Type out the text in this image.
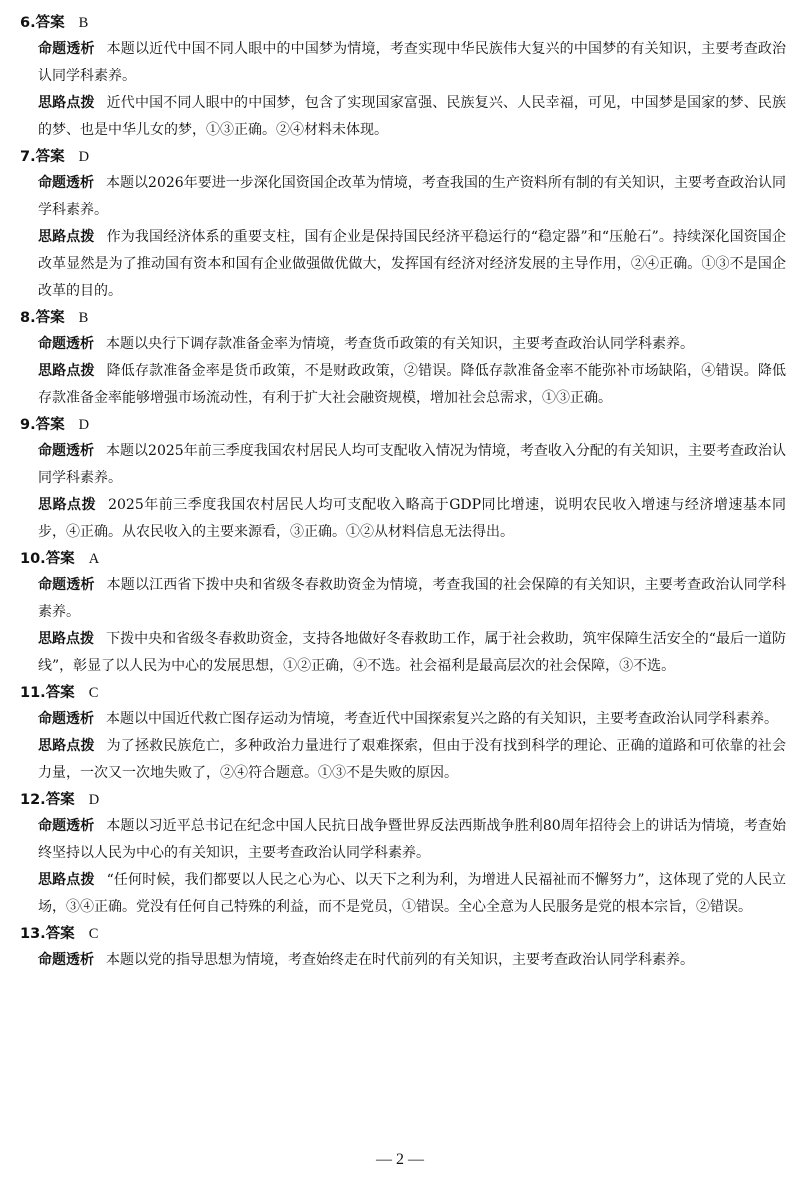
6.答案 B

命题透析 本题以近代中国不同人眼中的中国梦为情境，考查实现中华民族伟大复兴的中国梦的有关知识，主要考查政治认同学科素养。

思路点拨 近代中国不同人眼中的中国梦，包含了实现国家富强、民族复兴、人民幸福，可见，中国梦是国家的梦、民族的梦、也是中华儿女的梦，①③正确。②④材料未体现。

7.答案 D

命题透析 本题以2026年要进一步深化国资国企改革为情境，考查我国的生产资料所有制的有关知识，主要考查政治认同学科素养。

思路点拨 作为我国经济体系的重要支柱，国有企业是保持国民经济平稳运行的“稳定器”和“压舱石”。持续深化国资国企改革显然是为了推动国有资本和国有企业做强做优做大，发挥国有经济对经济发展的主导作用，②④正确。①③不是国企改革的目的。

8.答案 B

命题透析 本题以央行下调存款准备金率为情境，考查货币政策的有关知识，主要考查政治认同学科素养。

思路点拨 降低存款准备金率是货币政策，不是财政政策，②错误。降低存款准备金率不能弥补市场缺陷，④错误。降低存款准备金率能够增强市场流动性，有利于扩大社会融资规模，增加社会总需求，①③正确。

9.答案 D

命题透析 本题以2025年前三季度我国农村居民人均可支配收入情况为情境，考查收入分配的有关知识，主要考查政治认同学科素养。

思路点拨 2025年前三季度我国农村居民人均可支配收入略高于GDP同比增速，说明农民收入增速与经济增速基本同步，④正确。从农民收入的主要来源看，③正确。①②从材料信息无法得出。

10.答案 A

命题透析 本题以江西省下拨中央和省级冬春救助资金为情境，考查我国的社会保障的有关知识，主要考查政治认同学科素养。

思路点拨 下拨中央和省级冬春救助资金，支持各地做好冬春救助工作，属于社会救助，筑牢保障生活安全的“最后一道防线”，彰显了以人民为中心的发展思想，①②正确，④不选。社会福利是最高层次的社会保障，③不选。

11.答案 C

命题透析 本题以中国近代救亡图存运动为情境，考查近代中国探索复兴之路的有关知识，主要考查政治认同学科素养。

思路点拨 为了拯救民族危亡，多种政治力量进行了艰难探索，但由于没有找到科学的理论、正确的道路和可依靠的社会力量，一次又一次地失败了，②④符合题意。①③不是失败的原因。

12.答案 D

命题透析 本题以习近平总书记在纪念中国人民抗日战争暨世界反法西斯战争胜利80周年招待会上的讲话为情境，考查始终坚持以人民为中心的有关知识，主要考查政治认同学科素养。

思路点拨 “任何时候，我们都要以人民之心为心、以天下之利为利，为增进人民福祉而不懈努力”，这体现了党的人民立场，③④正确。党没有任何自己特殊的利益，而不是党员，①错误。全心全意为人民服务是党的根本宗旨，②错误。

13.答案 C

命题透析 本题以党的指导思想为情境，考查始终走在时代前列的有关知识，主要考查政治认同学科素养。

— 2 —
